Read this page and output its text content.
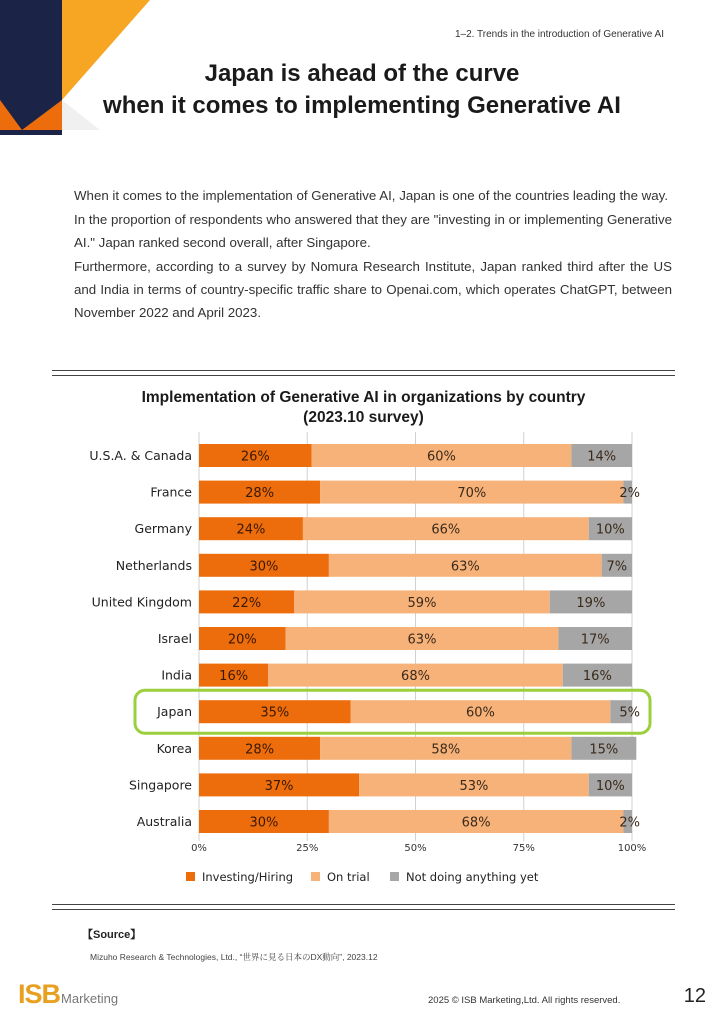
1–2. Trends in the introduction of Generative AI
Japan is ahead of the curve
when it comes to implementing Generative AI

When it comes to the implementation of Generative AI, Japan is one of the countries leading the way.

In the proportion of respondents who answered that they are "investing in or implementing Generative AI." Japan ranked second overall, after Singapore.

Furthermore, according to a survey by Nomura Research Institute, Japan ranked third after the US and India in terms of country-specific traffic share to Openai.com, which operates ChatGPT, between November 2022 and April 2023.

Implementation of Generative AI in organizations by country
(2023.10 survey)
0%	25%	50%	75%	100%
U.S.A. & Canada	26%	60%	14%
France	28%	70%	2%
Germany	24%	66%	10%
Netherlands	30%	63%	7%
United Kingdom	22%	59%	19%
Israel	20%	63%	17%
India 16%	68%	16%
Japan	35%	60%	5%
Korea	28%	58%	15%
Singapore	37%	53%	10%
Australia	30%	68%	2%
Investing/Hiring	On trial	Not doing anything yet
【Source】
Mizuho Research & Technologies, Ltd., “世界に見る日本のDX動向”, 2023.12
ISB Marketing	2025 © ISB Marketing,Ltd. All rights reserved.	12
